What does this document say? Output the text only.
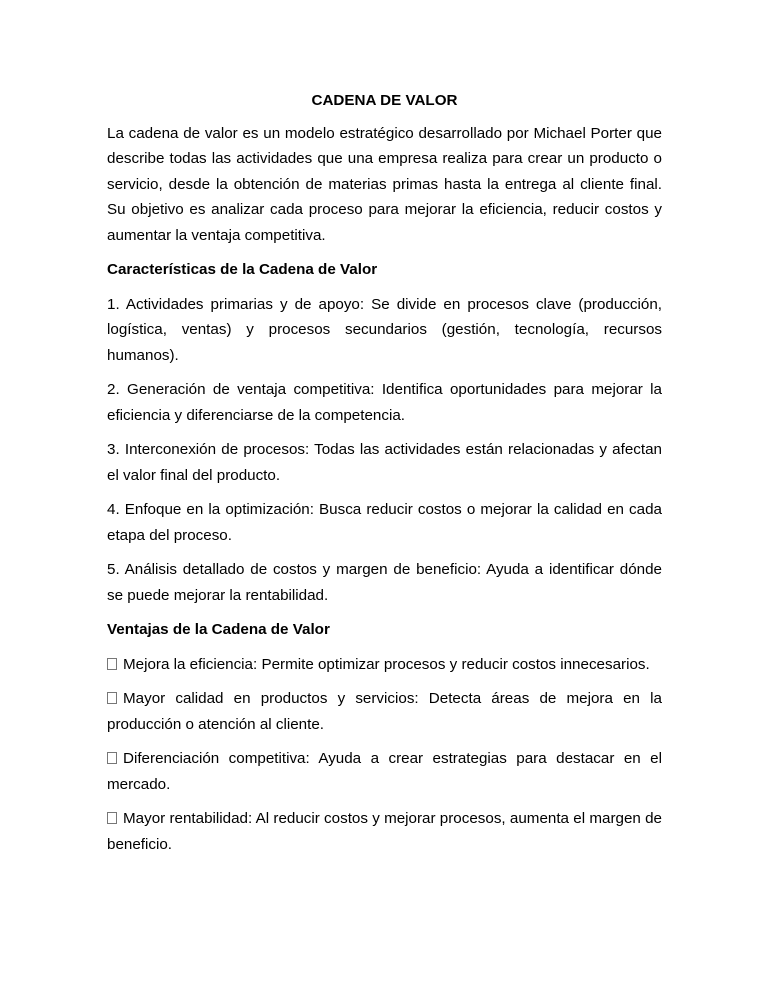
CADENA DE VALOR

La cadena de valor es un modelo estratégico desarrollado por Michael Porter que describe todas las actividades que una empresa realiza para crear un producto o servicio, desde la obtención de materias primas hasta la entrega al cliente final. Su objetivo es analizar cada proceso para mejorar la eficiencia, reducir costos y aumentar la ventaja competitiva.

Características de la Cadena de Valor

1. Actividades primarias y de apoyo: Se divide en procesos clave (producción, logística, ventas) y procesos secundarios (gestión, tecnología, recursos humanos).

2. Generación de ventaja competitiva: Identifica oportunidades para mejorar la eficiencia y diferenciarse de la competencia.

3. Interconexión de procesos: Todas las actividades están relacionadas y afectan el valor final del producto.

4. Enfoque en la optimización: Busca reducir costos o mejorar la calidad en cada etapa del proceso.

5. Análisis detallado de costos y margen de beneficio: Ayuda a identificar dónde se puede mejorar la rentabilidad.

Ventajas de la Cadena de Valor

Mejora la eficiencia: Permite optimizar procesos y reducir costos innecesarios.

Mayor calidad en productos y servicios: Detecta áreas de mejora en la producción o atención al cliente.

Diferenciación competitiva: Ayuda a crear estrategias para destacar en el mercado.

Mayor rentabilidad: Al reducir costos y mejorar procesos, aumenta el margen de beneficio.
